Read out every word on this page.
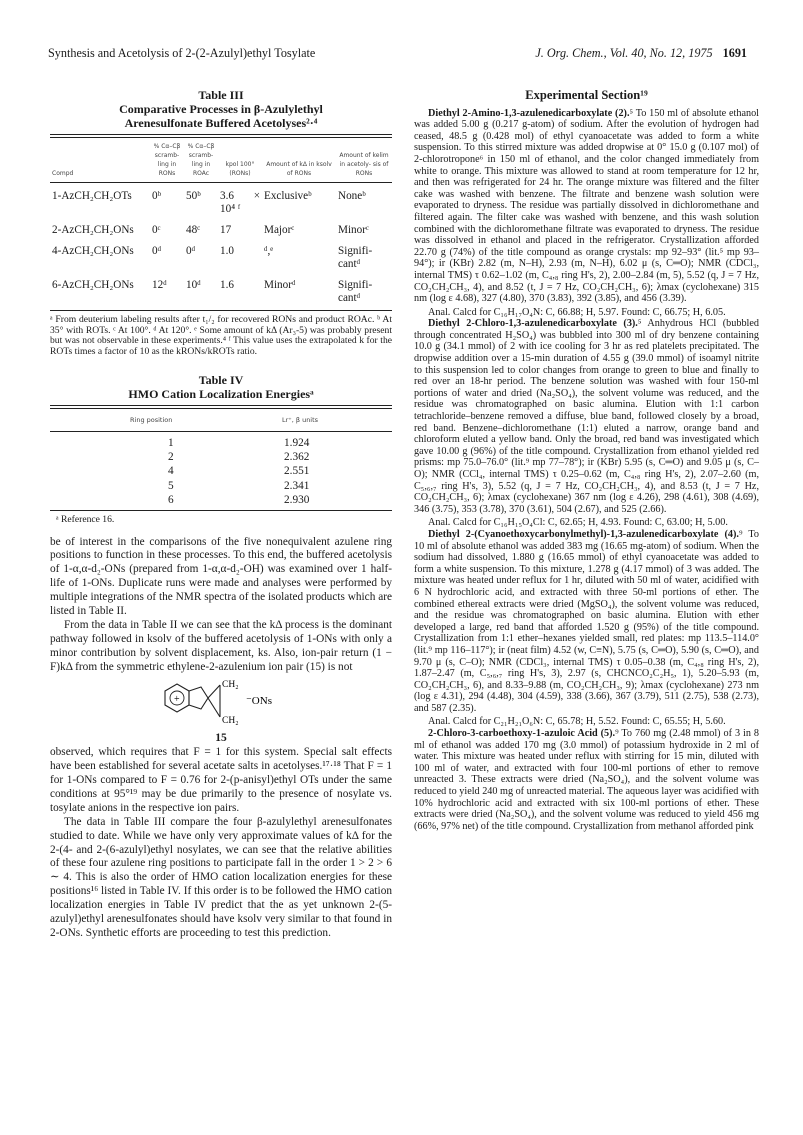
Synthesis and Acetolysis of 2-(2-Azulyl)ethyl Tosylate	J. Org. Chem., Vol. 40, No. 12, 1975 1691
Table III
Comparative Processes in β-Azulylethyl
Arenesulfonate Buffered Acetolyses²·⁴
Compd	% Cα–Cβ scramb- ling in RONs	% Cα–Cβ scramb- ling in ROAc	kpol 100° (RONs)	Amount of kΔ in ksolv of RONs	Amount of kelim in acetoly- sis of RONs

1-AzCH₂CH₂OTs	0ᵇ	50ᵇ	3.6 × 10⁴ ᶠ	Exclusiveᵇ	Noneᵇ
2-AzCH₂CH₂ONs	0ᶜ	48ᶜ	17	Majorᶜ	Minorᶜ
4-AzCH₂CH₂ONs	0ᵈ	0ᵈ	1.0	ᵈ,ᵉ	Signifi- cantᵈ
6-AzCH₂CH₂ONs	12ᵈ	10ᵈ	1.6	Minorᵈ	Signifi- cantᵈ
ᵃ From deuterium labeling results after t₁/₂ for recovered RONs and product ROAc. ᵇ At 35° with ROTs. ᶜ At 100°. ᵈ At 120°. ᵉ Some amount of kΔ (Ar₃-5) was probably present but was not observable in these experiments.⁴ ᶠ This value uses the extrapolated k for the ROTs times a factor of 10 as the kRONs/kROTs ratio.
Table IV
HMO Cation Localization Energiesᵃ
Ring position	Lr⁺, β units

1	1.924
2	2.362
4	2.551
5	2.341
6	2.930
ᵃ Reference 16.

be of interest in the comparisons of the five nonequivalent azulene ring positions to function in these processes. To this end, the buffered acetolysis of 1-α,α-d₂-ONs (prepared from 1-α,α-d₂-OH) was examined over 1 half-life of 1-ONs. Duplicate runs were made and analyses were performed by multiple integrations of the NMR spectra of the isolated products which are listed in Table II.

From the data in Table II we can see that the kΔ process is the dominant pathway followed in ksolv of the buffered acetolysis of 1-ONs with only a minor contribution by solvent displacement, ks. Also, ion-pair return (1 − F)kΔ from the symmetric ethylene-2-azulenium ion pair (15) is not

+
CH₂
CH₂
⁻ONs
15

observed, which requires that F = 1 for this system. Special salt effects have been established for several acetate salts in acetolyses.¹⁷·¹⁸ That F = 1 for 1-ONs compared to F = 0.76 for 2-(p-anisyl)ethyl OTs under the same conditions at 95°¹⁹ may be due primarily to the presence of nosylate vs. tosylate anions in the respective ion pairs.

The data in Table III compare the four β-azulylethyl arenesulfonates studied to date. While we have only very approximate values of kΔ for the 2-(4- and 2-(6-azulyl)ethyl nosylates, we can see that the relative abilities of these four azulene ring positions to participate fall in the order 1 > 2 > 6 ∼ 4. This is also the order of HMO cation localization energies for these positions¹⁶ listed in Table IV. If this order is to be followed the HMO cation localization energies in Table IV predict that the as yet unknown 2-(5-azulyl)ethyl arenesulfonates should have ksolv very similar to that found in 2-ONs. Synthetic efforts are proceeding to test this prediction.

Experimental Section¹⁹

Diethyl 2-Amino-1,3-azulenedicarboxylate (2).⁵ To 150 ml of absolute ethanol was added 5.00 g (0.217 g-atom) of sodium. After the evolution of hydrogen had ceased, 48.5 g (0.428 mol) of ethyl cyanoacetate was added to form a white suspension. To this stirred mixture was added dropwise at 0° 15.0 g (0.107 mol) of 2-chlorotropone⁶ in 150 ml of ethanol, and the color changed immediately from white to orange. This mixture was allowed to stand at room temperature for 12 hr, and then was refrigerated for 24 hr. The orange mixture was filtered and the filter cake was washed with benzene. The filtrate and benzene wash solution were evaporated to dryness. The residue was partially dissolved in dichloromethane and filtered again. The filter cake was washed with benzene, and this wash solution combined with the dichloromethane filtrate was evaporated to dryness. The residue was dissolved in ethanol and placed in the refrigerator. Crystallization afforded 22.70 g (74%) of the title compound as orange crystals: mp 92–93° (lit.⁵ mp 93–94°); ir (KBr) 2.82 (m, N–H), 2.93 (m, N–H), 6.02 μ (s, C═O); NMR (CDCl₃, internal TMS) τ 0.62–1.02 (m, C₄,₈ ring H's, 2), 2.00–2.84 (m, 5), 5.52 (q, J = 7 Hz, CO₂CH₂CH₃, 4), and 8.52 (t, J = 7 Hz, CO₂CH₂CH₃, 6); λmax (cyclohexane) 315 nm (log ε 4.68), 327 (4.80), 370 (3.83), 392 (3.85), and 456 (3.39).

Anal. Calcd for C₁₆H₁₇O₄N: C, 66.88; H, 5.97. Found: C, 66.75; H, 6.05.

Diethyl 2-Chloro-1,3-azulenedicarboxylate (3).⁵ Anhydrous HCl (bubbled through concentrated H₂SO₄) was bubbled into 300 ml of dry benzene containing 10.0 g (34.1 mmol) of 2 with ice cooling for 3 hr as red platelets precipitated. The dropwise addition over a 15-min duration of 4.55 g (39.0 mmol) of isoamyl nitrite to this suspension led to color changes from orange to green to blue and finally to red over an 18-hr period. The benzene solution was washed with four 150-ml portions of water and dried (Na₂SO₄), the solvent volume was reduced, and the residue was chromatographed on basic alumina. Elution with 1:1 carbon tetrachloride–benzene removed a diffuse, blue band, followed closely by a broad, red band. Benzene–dichloromethane (1:1) eluted a narrow, orange band and chloroform eluted a yellow band. Only the broad, red band was investigated which gave 10.00 g (96%) of the title compound. Crystallization from ethanol yielded red prisms: mp 75.0–76.0° (lit.⁹ mp 77–78°); ir (KBr) 5.95 (s, C═O) and 9.05 μ (s, C–O); NMR (CCl₄, internal TMS) τ 0.25–0.62 (m, C₄,₈ ring H's, 2), 2.07–2.60 (m, C₅,₆,₇ ring H's, 3), 5.52 (q, J = 7 Hz, CO₂CH₂CH₃, 4), and 8.53 (t, J = 7 Hz, CO₂CH₂CH₃, 6); λmax (cyclohexane) 367 nm (log ε 4.26), 298 (4.61), 308 (4.69), 346 (3.75), 353 (3.78), 370 (3.61), 504 (2.67), and 525 (2.66).

Anal. Calcd for C₁₆H₁₅O₄Cl: C, 62.65; H, 4.93. Found: C, 63.00; H, 5.00.

Diethyl 2-(Cyanoethoxycarbonylmethyl)-1,3-azulenedicarboxylate (4).⁹ To 10 ml of absolute ethanol was added 383 mg (16.65 mg-atom) of sodium. When the sodium had dissolved, 1.880 g (16.65 mmol) of ethyl cyanoacetate was added to form a white suspension. To this mixture, 1.278 g (4.17 mmol) of 3 was added. The mixture was heated under reflux for 1 hr, diluted with 50 ml of water, acidified with 6 N hydrochloric acid, and extracted with three 50-ml portions of ether. The combined ethereal extracts were dried (MgSO₄), the solvent volume was reduced, and the residue was chromatographed on basic alumina. Elution with ether developed a large, red band that afforded 1.520 g (95%) of the title compound. Crystallization from 1:1 ether–hexanes yielded small, red plates: mp 113.5–114.0° (lit.⁹ mp 116–117°); ir (neat film) 4.52 (w, C≡N), 5.75 (s, C═O), 5.90 (s, C═O), and 9.70 μ (s, C–O); NMR (CDCl₃, internal TMS) τ 0.05–0.38 (m, C₄,₈ ring H's, 2), 1.87–2.47 (m, C₅,₆,₇ ring H's, 3), 2.97 (s, CHCNCO₂C₂H₅, 1), 5.20–5.93 (m, CO₂CH₂CH₃, 6), and 8.33–9.88 (m, CO₂CH₂CH₃, 9); λmax (cyclohexane) 273 nm (log ε 4.31), 294 (4.48), 304 (4.59), 338 (3.66), 367 (3.79), 511 (2.75), 538 (2.73), and 587 (2.35).

Anal. Calcd for C₂₁H₂₁O₆N: C, 65.78; H, 5.52. Found: C, 65.55; H, 5.60.

2-Chloro-3-carboethoxy-1-azuloic Acid (5).⁹ To 760 mg (2.48 mmol) of 3 in 8 ml of ethanol was added 170 mg (3.0 mmol) of potassium hydroxide in 2 ml of water. This mixture was heated under reflux with stirring for 15 min, diluted with 100 ml of water, and extracted with four 100-ml portions of ether to remove unreacted 3. These extracts were dried (Na₂SO₄), and the solvent volume was reduced to yield 240 mg of unreacted material. The aqueous layer was acidified with 10% hydrochloric acid and extracted with six 100-ml portions of ether. These extracts were dried (Na₂SO₄), and the solvent volume was reduced to yield 456 mg (66%, 97% net) of the title compound. Crystallization from methanol afforded pink
